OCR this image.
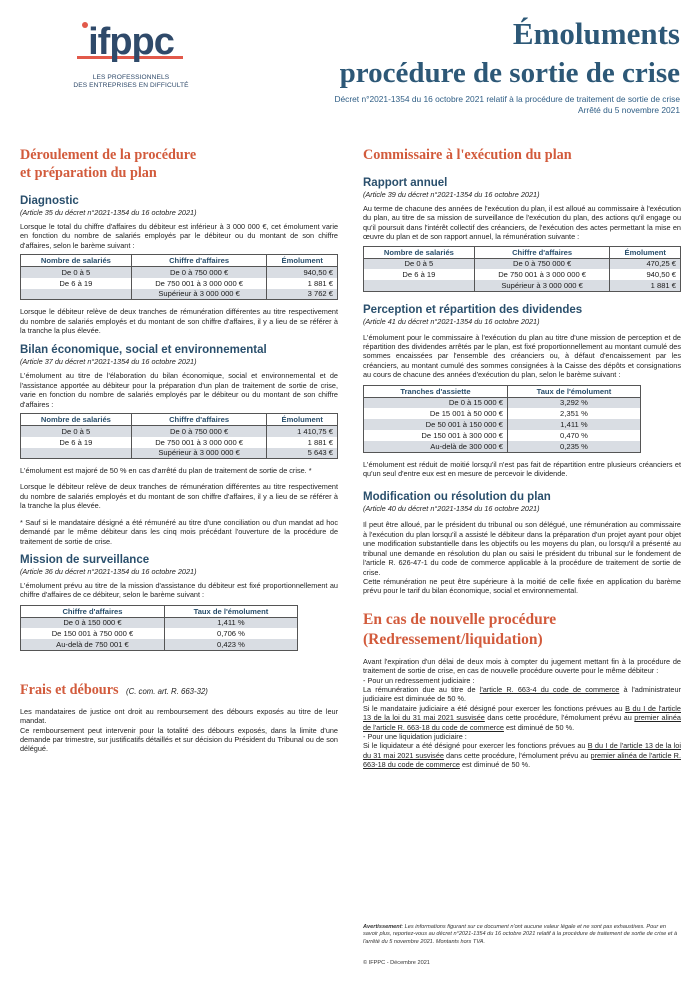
ifppc
LES PROFESSIONNELS
DES ENTREPRISES EN DIFFICULTÉ
Émoluments
procédure de sortie de crise
Décret n°2021-1354 du 16 octobre 2021 relatif à la procédure de traitement de sortie de crise
Arrêté du 5 novembre 2021
Déroulement de la procédure
et préparation du plan
Diagnostic
(Article 35 du décret n°2021-1354 du 16 octobre 2021)
Lorsque le total du chiffre d'affaires du débiteur est inférieur à 3 000 000 €, cet émolument varie en fonction du nombre de salariés employés par le débiteur ou du montant de son chiffre d'affaires, selon le barème suivant :
Nombre de salariés	Chiffre d'affaires	Émolument
De 0 à 5	De 0 à 750 000 €	940,50 €
De 6 à 19	De 750 001 à 3 000 000 €	1 881 €
	Supérieur à 3 000 000 €	3 762 €
Lorsque le débiteur relève de deux tranches de rémunération différentes au titre respectivement du nombre de salariés employés et du montant de son chiffre d'affaires, il y a lieu de se référer à la tranche la plus élevée.
Bilan économique, social et environnemental
(Article 37 du décret n°2021-1354 du 16 octobre 2021)
L'émolument au titre de l'élaboration du bilan économique, social et environnemental et de l'assistance apportée au débiteur pour la préparation d'un plan de traitement de sortie de crise, varie en fonction du nombre de salariés employés par le débiteur ou du montant de son chiffre d'affaires :
Nombre de salariés	Chiffre d'affaires	Émolument
De 0 à 5	De 0 à 750 000 €	1 410,75 €
De 6 à 19	De 750 001 à 3 000 000 €	1 881 €
	Supérieur à 3 000 000 €	5 643 €
L'émolument est majoré de 50 % en cas d'arrêté du plan de traitement de sortie de crise. *
Lorsque le débiteur relève de deux tranches de rémunération différentes au titre respectivement du nombre de salariés employés et du montant de son chiffre d'affaires, il y a lieu de se référer à la tranche la plus élevée.
* Sauf si le mandataire désigné a été rémunéré au titre d'une conciliation ou d'un mandat ad hoc demandé par le même débiteur dans les cinq mois précédant l'ouverture de la procédure de traitement de sortie de crise.
Mission de surveillance
(Article 36 du décret n°2021-1354 du 16 octobre 2021)
L'émolument prévu au titre de la mission d'assistance du débiteur est fixé proportionnellement au chiffre d'affaires de ce débiteur, selon le barème suivant :
Chiffre d'affaires	Taux de l'émolument
De 0 à 150 000 €	1,411 %
De 150 001 à 750 000 €	0,706 %
Au-delà de 750 001 €	0,423 %
Frais et débours (C. com. art. R. 663-32)
Les mandataires de justice ont droit au remboursement des débours exposés au titre de leur mandat.
Ce remboursement peut intervenir pour la totalité des débours exposés, dans la limite d'une demande par trimestre, sur justificatifs détaillés et sur décision du Président du Tribunal ou de son délégué.
Commissaire à l'exécution du plan
Rapport annuel
(Article 39 du décret n°2021-1354 du 16 octobre 2021)
Au terme de chacune des années de l'exécution du plan, il est alloué au commissaire à l'exécution du plan, au titre de sa mission de surveillance de l'exécution du plan, des actions qu'il engage ou qu'il poursuit dans l'intérêt collectif des créanciers, de l'exécution des actes permettant la mise en œuvre du plan et de son rapport annuel, la rémunération suivante :
Nombre de salariés	Chiffre d'affaires	Émolument
De 0 à 5	De 0 à 750 000 €	470,25 €
De 6 à 19	De 750 001 à 3 000 000 €	940,50 €
	Supérieur à 3 000 000 €	1 881 €
Perception et répartition des dividendes
(Article 41 du décret n°2021-1354 du 16 octobre 2021)
L'émolument pour le commissaire à l'exécution du plan au titre d'une mission de perception et de répartition des dividendes arrêtés par le plan, est fixé proportionnellement au montant cumulé des sommes encaissées par l'ensemble des créanciers ou, à défaut d'encaissement par les créanciers, au montant cumulé des sommes consignées à la Caisse des dépôts et consignations au cours de chacune des années d'exécution du plan, selon le barème suivant :
Tranches d'assiette	Taux de l'émolument
De 0 à 15 000 €	3,292 %
De 15 001 à 50 000 €	2,351 %
De 50 001 à 150 000 €	1,411 %
De 150 001 à 300 000 €	0,470 %
Au-delà de 300 000 €	0,235 %
L'émolument est réduit de moitié lorsqu'il n'est pas fait de répartition entre plusieurs créanciers et qu'un seul d'entre eux est en mesure de percevoir le dividende.
Modification ou résolution du plan
(Article 40 du décret n°2021-1354 du 16 octobre 2021)
Il peut être alloué, par le président du tribunal ou son délégué, une rémunération au commissaire à l'exécution du plan lorsqu'il a assisté le débiteur dans la préparation d'un projet ayant pour objet une modification substantielle dans les objectifs ou les moyens du plan, ou lorsqu'il a présenté au tribunal une demande en résolution du plan ou saisi le président du tribunal sur le fondement de l'article R. 626-47-1 du code de commerce applicable à la procédure de traitement de sortie de crise.
Cette rémunération ne peut être supérieure à la moitié de celle fixée en application du barème prévu pour le tarif du bilan économique, social et environnemental.
En cas de nouvelle procédure
(Redressement/liquidation)
Avant l'expiration d'un délai de deux mois à compter du jugement mettant fin à la procédure de traitement de sortie de crise, en cas de nouvelle procédure ouverte pour le même débiteur :
- Pour un redressement judiciaire :
La rémunération due au titre de l'article R. 663-4 du code de commerce à l'administrateur judiciaire est diminuée de 50 %.
Si le mandataire judiciaire a été désigné pour exercer les fonctions prévues au B du I de l'article 13 de la loi du 31 mai 2021 susvisée dans cette procédure, l'émolument prévu au premier alinéa de l'article R. 663-18 du code de commerce est diminué de 50 %.
- Pour une liquidation judiciaire :
Si le liquidateur a été désigné pour exercer les fonctions prévues au B du I de l'article 13 de la loi du 31 mai 2021 susvisée dans cette procédure, l'émolument prévu au premier alinéa de l'article R. 663-18 du code de commerce est diminué de 50 %.
Avertissement: Les informations figurant sur ce document n'ont aucune valeur légale et ne sont pas exhaustives. Pour en savoir plus, reportez-vous au décret n°2021-1354 du 16 octobre 2021 relatif à la procédure de traitement de sortie de crise et à l'arrêté du 5 novembre 2021. Montants hors TVA.
© IFPPC - Décembre 2021
